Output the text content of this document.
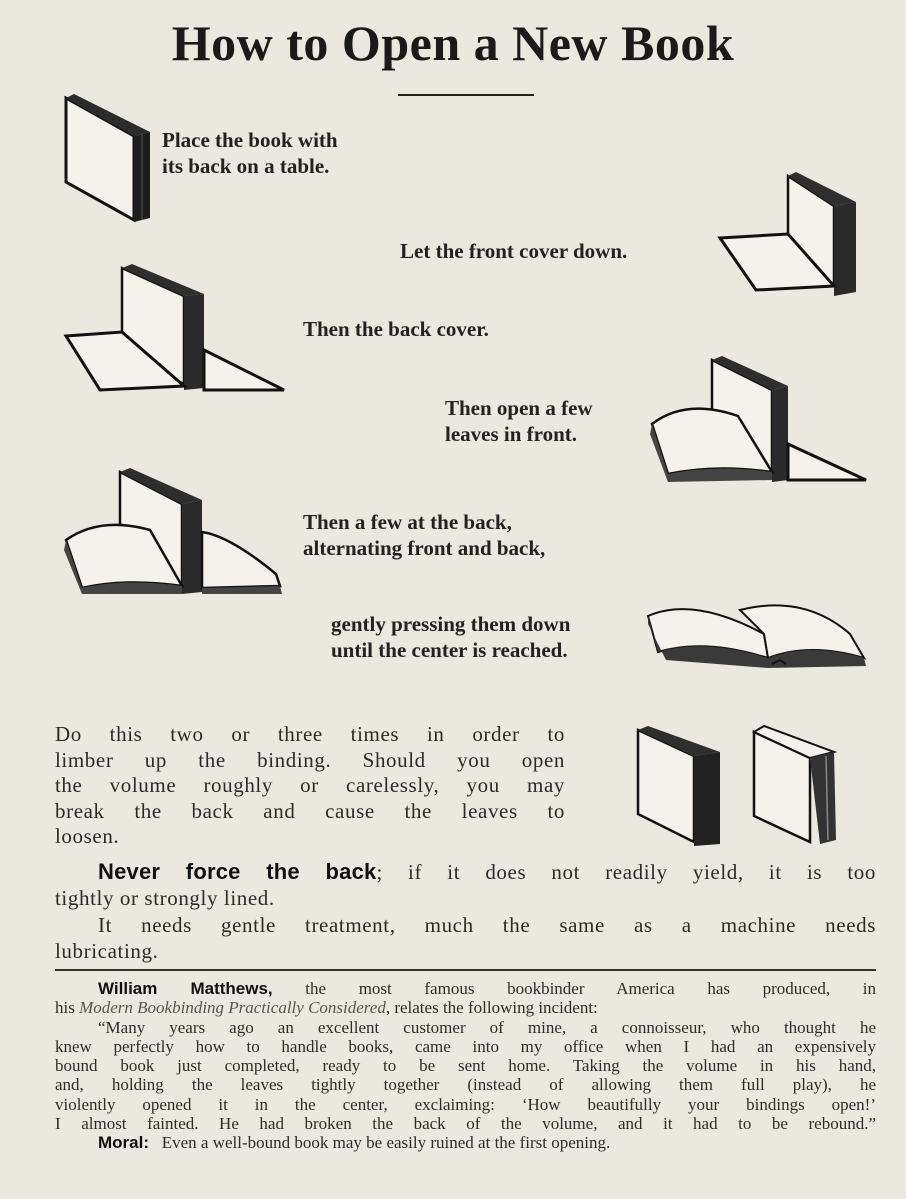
How to Open a New Book
Place the book with
its back on a table.
Let the front cover down.
Then the back cover.
Then open a few
leaves in front.
Then a few at the back,
alternating front and back,
gently pressing them down
until the center is reached.
Do this two or three times in order to
limber up the binding. Should you open
the volume roughly or carelessly, you may
break the back and cause the leaves to
loosen.
Never force the back; if it does not readily yield, it is too
tightly or strongly lined.
It needs gentle treatment, much the same as a machine needs
lubricating.
William Matthews, the most famous bookbinder America has produced, in
his Modern Bookbinding Practically Considered, relates the following incident:
“Many years ago an excellent customer of mine, a connoisseur, who thought he
knew perfectly how to handle books, came into my office when I had an expensively
bound book just completed, ready to be sent home. Taking the volume in his hand,
and, holding the leaves tightly together (instead of allowing them full play), he
violently opened it in the center, exclaiming: ‘How beautifully your bindings open!’
I almost fainted. He had broken the back of the volume, and it had to be rebound.”
Moral: Even a well-bound book may be easily ruined at the first opening.
